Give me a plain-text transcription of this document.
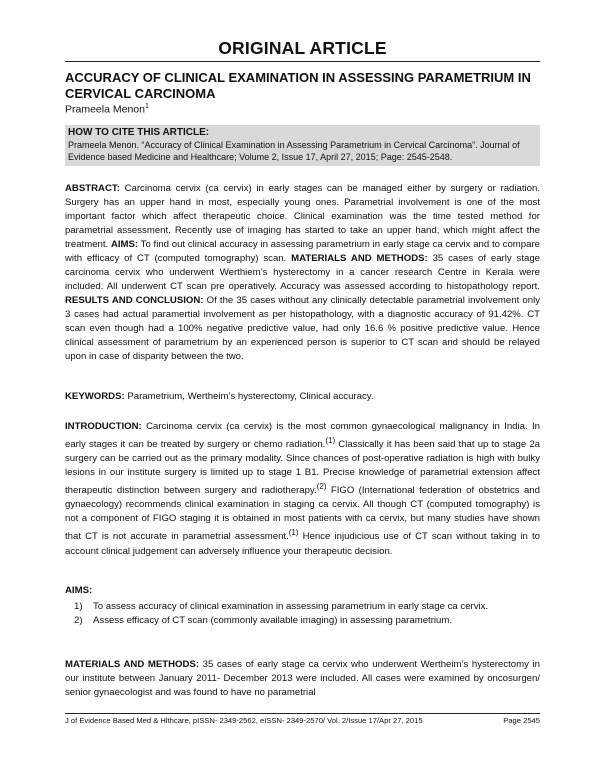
ORIGINAL ARTICLE
ACCURACY OF CLINICAL EXAMINATION IN ASSESSING PARAMETRIUM IN CERVICAL CARCINOMA
Prameela Menon$^1$
HOW TO CITE THIS ARTICLE:
Prameela Menon. “Accuracy of Clinical Examination in Assessing Parametrium in Cervical Carcinoma”. Journal of Evidence based Medicine and Healthcare; Volume 2, Issue 17, April 27, 2015; Page: 2545-2548.
ABSTRACT: Carcinoma cervix (ca cervix) in early stages can be managed either by surgery or radiation. Surgery has an upper hand in most, especially young ones. Parametrial involvement is one of the most important factor which affect therapeutic choice. Clinical examination was the time tested method for parametrial assessment. Recently use of imaging has started to take an upper hand, which might affect the treatment. AIMS: To find out clinical accuracy in assessing parametrium in early stage ca cervix and to compare with efficacy of CT (computed tomography) scan. MATERIALS AND METHODS: 35 cases of early stage carcinoma cervix who underwent Werthiem’s hysterectomy in a cancer research Centre in Kerala were included. All underwent CT scan pre operatively. Accuracy was assessed according to histopathology report. RESULTS AND CONCLUSION: Of the 35 cases without any clinically detectable parametrial involvement only 3 cases had actual paramertial involvement as per histopathology, with a diagnostic accuracy of 91.42%. CT scan even though had a 100% negative predictive value, had only 16.6 % positive predictive value. Hence clinical assessment of parametrium by an experienced person is superior to CT scan and should be relayed upon in case of disparity between the two.
KEYWORDS: Parametrium, Wertheim’s hysterectomy, Clinical accuracy.
INTRODUCTION: Carcinoma cervix (ca cervix) is the most common gynaecological malignancy in India. In early stages it can be treated by surgery or chemo radiation.$^{(1)}$ Classically it has been said that up to stage 2a surgery can be carried out as the primary modality. Since chances of post-operative radiation is high with bulky lesions in our institute surgery is limited up to stage 1 B1. Precise knowledge of parametrial extension affect therapeutic distinction between surgery and radiotherapy.$^{(2)}$ FIGO (International federation of obstetrics and gynaecology) recommends clinical examination in staging ca cervix. All though CT (computed tomography) is not a component of FIGO staging it is obtained in most patients with ca cervix, but many studies have shown that CT is not accurate in parametrial assessment.$^{(1)}$ Hence injudicious use of CT scan without taking in to account clinical judgement can adversely influence your therapeutic decision.
AIMS:
1) To assess accuracy of clinical examination in assessing parametrium in early stage ca cervix.
2) Assess efficacy of CT scan (commonly available imaging) in assessing parametrium.
MATERIALS AND METHODS: 35 cases of early stage ca cervix who underwent Wertheim’s hysterectomy in our institute between January 2011- December 2013 were included. All cases were examined by oncosurgen/ senior gynaecologist and was found to have no parametrial
J of Evidence Based Med & Hlthcare, pISSN- 2349-2562, eISSN- 2349-2570/ Vol. 2/Issue 17/Apr 27, 2015	Page 2545
